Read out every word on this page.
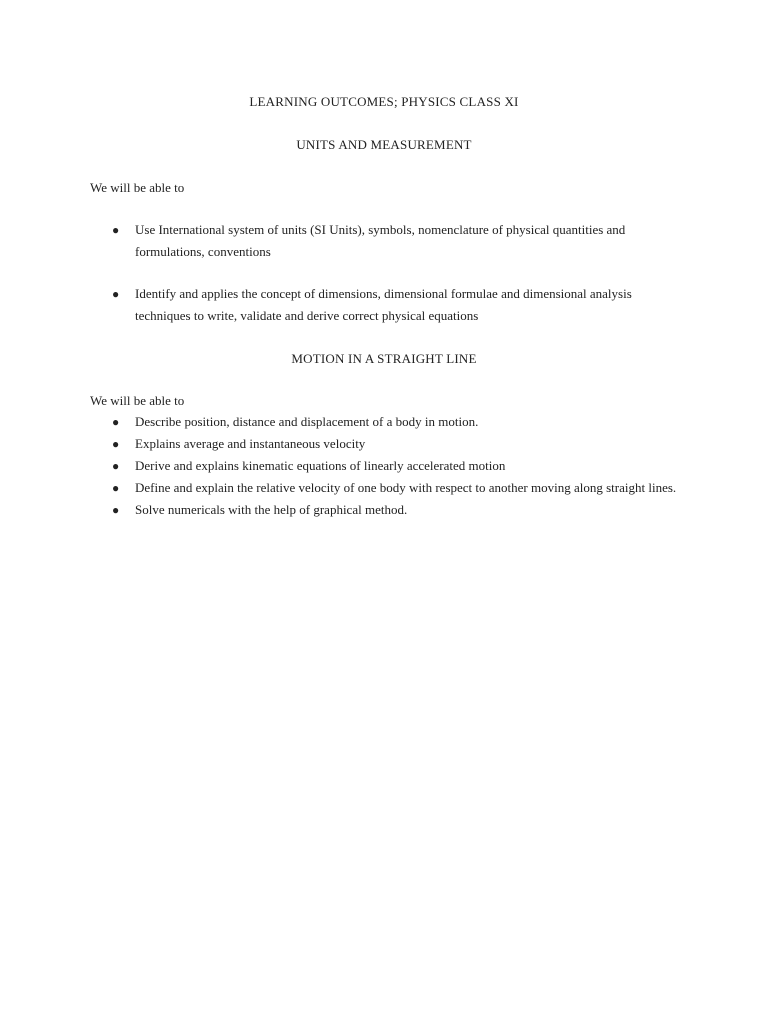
LEARNING OUTCOMES; PHYSICS CLASS XI
UNITS AND MEASUREMENT

We will be able to

● Use International system of units (SI Units), symbols, nomenclature of physical quantities and formulations, conventions
● Identify and applies the concept of dimensions, dimensional formulae and dimensional analysis techniques to write, validate and derive correct physical equations
MOTION IN A STRAIGHT LINE

We will be able to

● Describe position, distance and displacement of a body in motion.
● Explains average and instantaneous velocity
● Derive and explains kinematic equations of linearly accelerated motion
● Define and explain the relative velocity of one body with respect to another moving along straight lines.
● Solve numericals with the help of graphical method.
